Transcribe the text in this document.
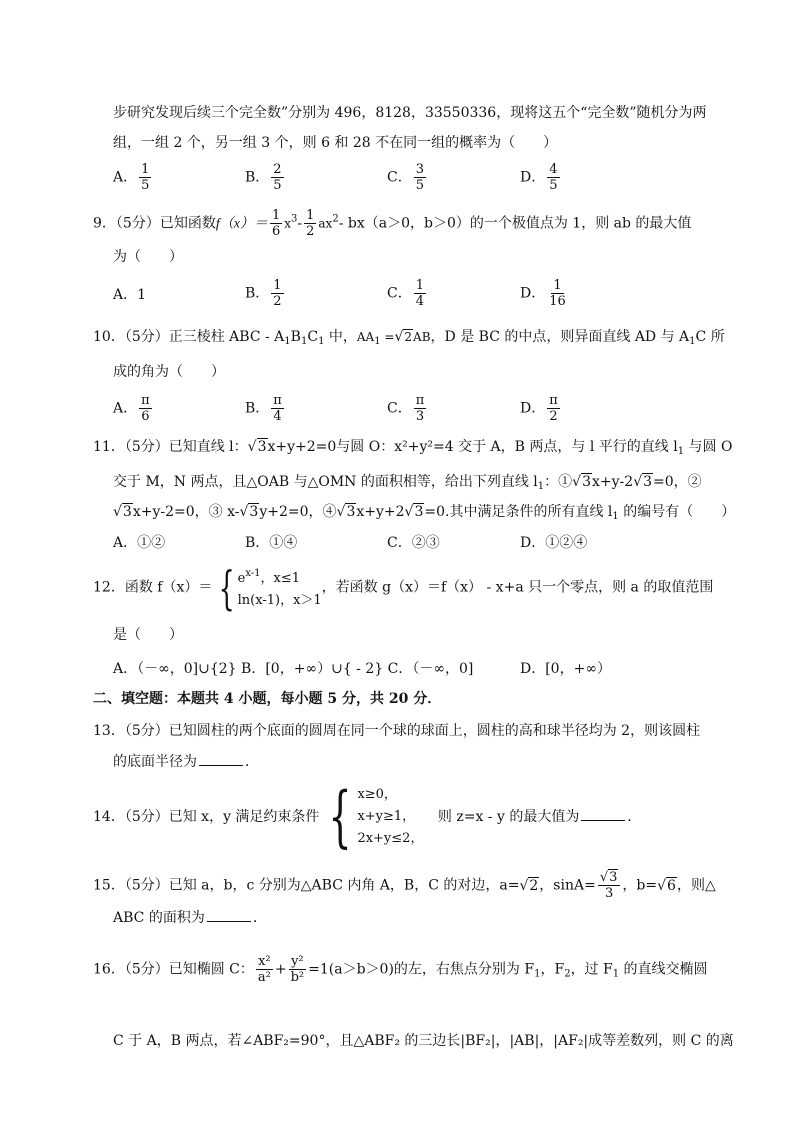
步研究发现后续三个完全数”分别为 496，8128，33550336，现将这五个“完全数”随机分为两
组，一组 2 个，另一组 3 个，则 6 和 28 不在同一组的概率为（　　）
A． $\frac{1}{5}$	B． $\frac{2}{5}$	C． $\frac{3}{5}$	D． $\frac{4}{5}$
9．（5分）已知函数$f(x)= \frac{1}{6} x^3- \frac{1}{2} ax^2-$ bx（a＞0，b＞0）的一个极值点为 1，则 ab 的最大值
为（　　）
A．1	B． $\frac{1}{2}$	C． $\frac{1}{4}$	D． $\frac{1}{16}$
10．（5分）正三棱柱 ABC - $A_1B_1C_1$ 中，$AA_1 =√2AB$，D 是 BC 的中点，则异面直线 AD 与 $A_1C$ 所
成的角为（　　）
A． $\frac{\pi}{6}$	B． $\frac{\pi}{4}$	C． $\frac{\pi}{3}$	D． $\frac{\pi}{2}$
11．（5分）已知直线 l：√3x+y+2=0与圆 O：x²+y²=4 交于 A，B 两点，与 l 平行的直线 $l_1$ 与圆 O
交于 M，N 两点，且△OAB 与△OMN 的面积相等，给出下列直线 $l_1$：①√3x+y-2√3=0，②
√3x+y-2=0，③ x-√3y+2=0，④√3x+y+2√3=0.其中满足条件的所有直线 $l_1$ 的编号有（　　）
A．①②	B．①④	C．②③	D．①②④
12．函数 f（x）＝ { $e^{x-1}$，x≤1
ln(x-1)，x＞1
，若函数 g（x）＝f（x） - x+a 只一个零点，则 a 的取值范围
是（　　）
A．（－∞，0]∪{2} B．[0，+∞）∪{ - 2} C．（－∞，0]	D．[0，+∞）
二、填空题：本题共 4 小题，每小题 5 分，共 20 分．
13．（5分）已知圆柱的两个底面的圆周在同一个球的球面上，圆柱的高和球半径均为 2，则该圆柱
的底面半径为	．
14．（5分）已知 x，y 满足约束条件 { x≥0，
x+y≥1，
2x+y≤2，
则 z=x - y 的最大值为	．
15．（5分）已知 a，b，c 分别为△ABC 内角 A，B，C 的对边，a=√2，$\sin A= \frac{√3}{3}$ ，b=√6，则△
ABC 的面积为	．
16．（5分）已知椭圆 C： $\frac{\text{x²}}{\text{a²}} + \frac{\text{y²}}{\text{b²}} =1(a>b>0)$的左，右焦点分别为 $F_1$，$F_2$，过 $F_1$ 的直线交椭圆
C 于 A，B 两点，若∠ABF₂=90°，且△ABF₂ 的三边长|BF₂|，|AB|，|AF₂|成等差数列，则 C 的离
